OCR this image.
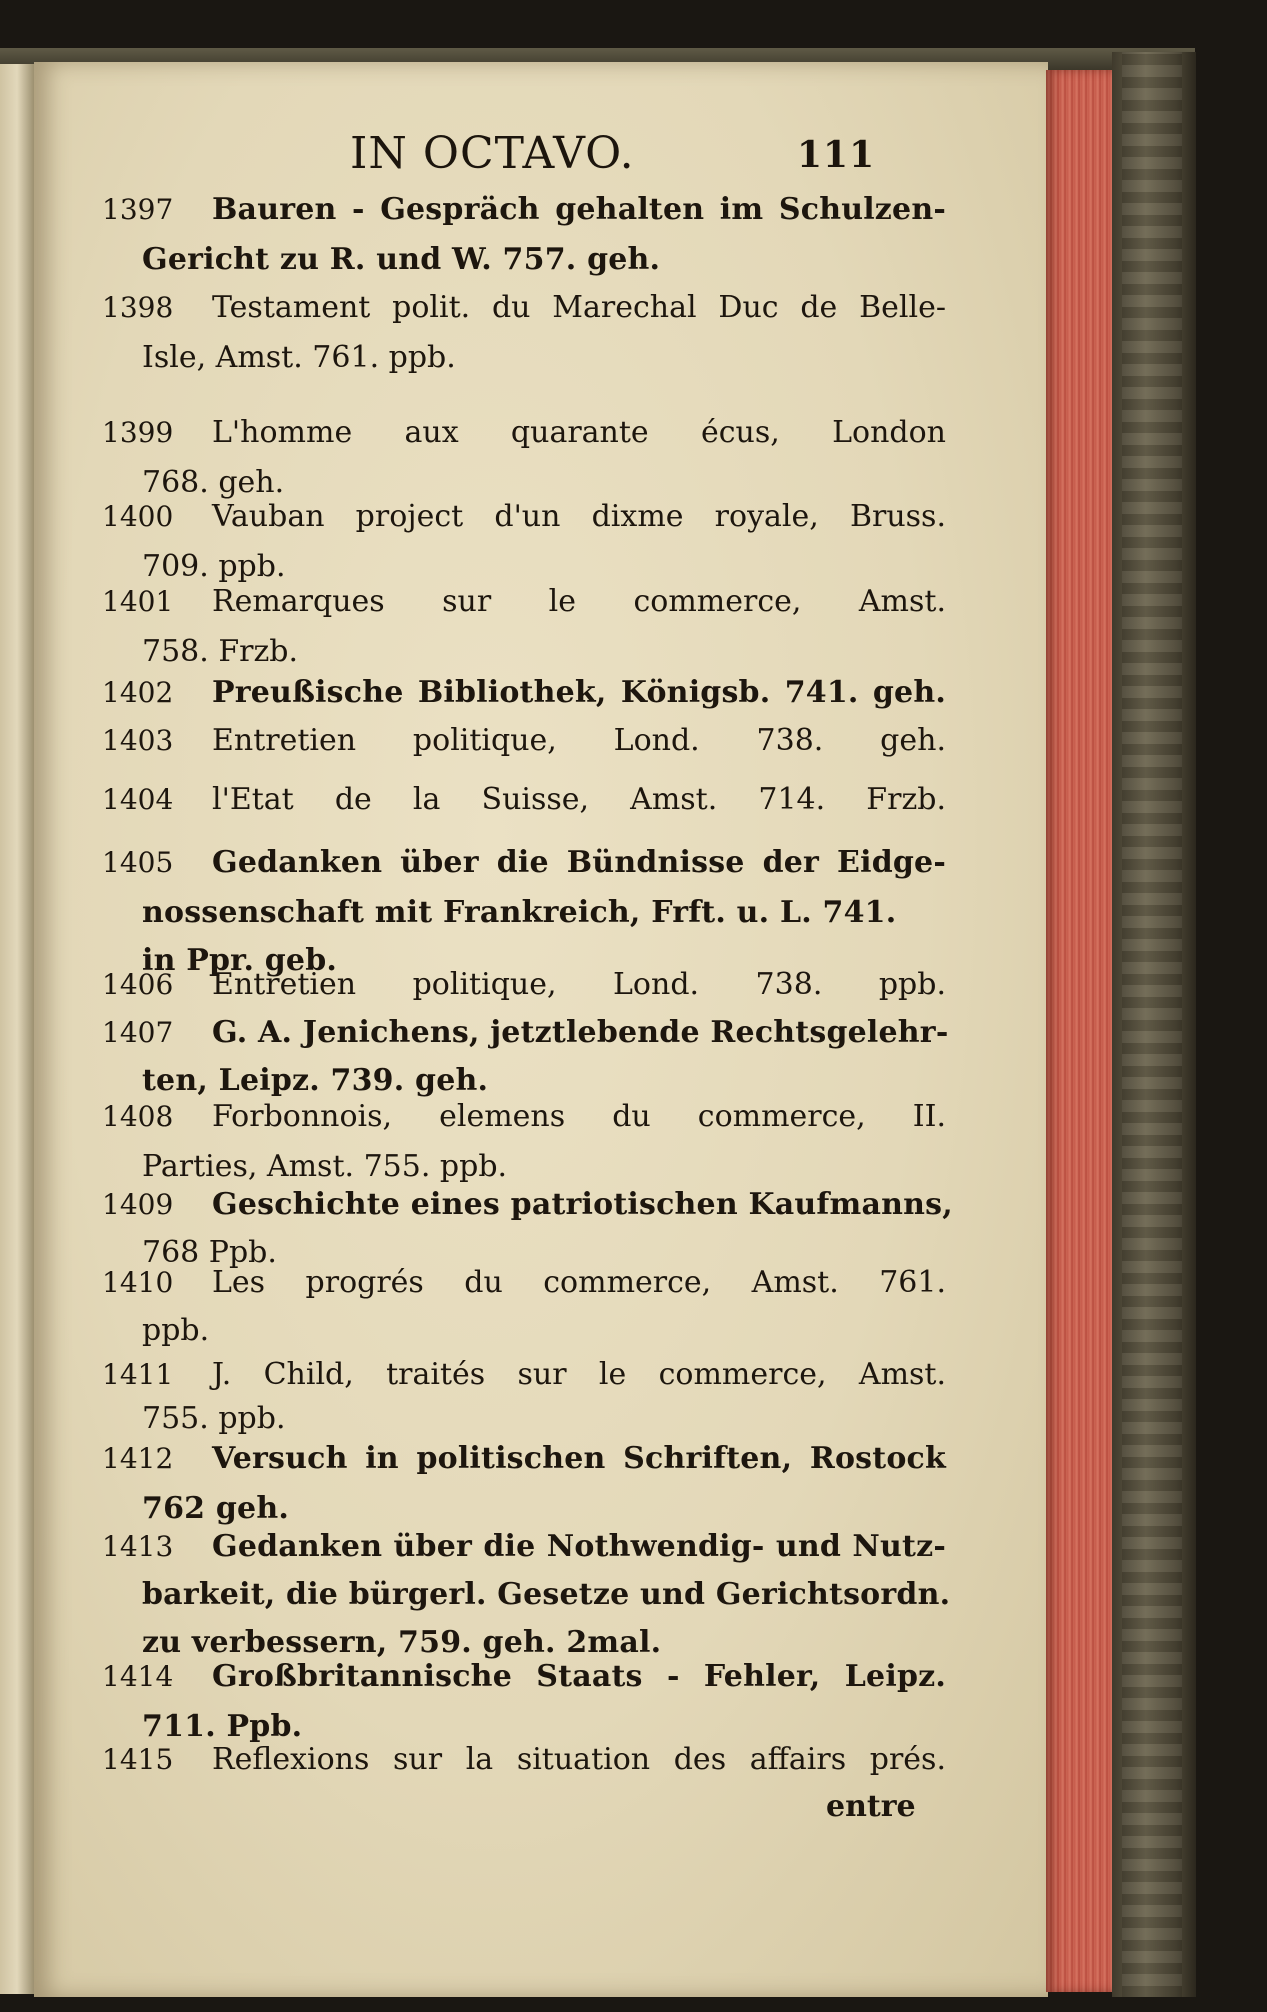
IN OCTAVO.	111
1397 Bauren - Gespräch gehalten im Schulzen-
Gericht zu R. und W. 757. geh.
1398 Testament polit. du Marechal Duc de Belle-
Isle, Amst. 761. ppb.
1399 L'homme aux quarante écus, London
768. geh.
1400 Vauban project d'un dixme royale, Bruss.
709. ppb.
1401 Remarques sur le commerce, Amst.
758. Frzb.
1402 Preußische Bibliothek, Königsb. 741. geh.
1403 Entretien politique, Lond. 738. geh.
1404 l'Etat de la Suisse, Amst. 714. Frzb.
1405 Gedanken über die Bündnisse der Eidge-
nossenschaft mit Frankreich, Frft. u. L. 741.
in Ppr. geb.
1406 Entretien politique, Lond. 738. ppb.
1407 G. A. Jenichens, jetztlebende Rechtsgelehr-
ten, Leipz. 739. geh.
1408 Forbonnois, elemens du commerce, II.
Parties, Amst. 755. ppb.
1409 Geschichte eines patriotischen Kaufmanns,
768 Ppb.
1410 Les progrés du commerce, Amst. 761.
ppb.
1411 J. Child, traités sur le commerce, Amst.
755. ppb.
1412 Versuch in politischen Schriften, Rostock
762 geh.
1413 Gedanken über die Nothwendig- und Nutz-
barkeit, die bürgerl. Gesetze und Gerichtsordn.
zu verbessern, 759. geh. 2mal.
1414 Großbritannische Staats - Fehler, Leipz.
711. Ppb.
1415 Reflexions sur la situation des affairs prés.
entre
